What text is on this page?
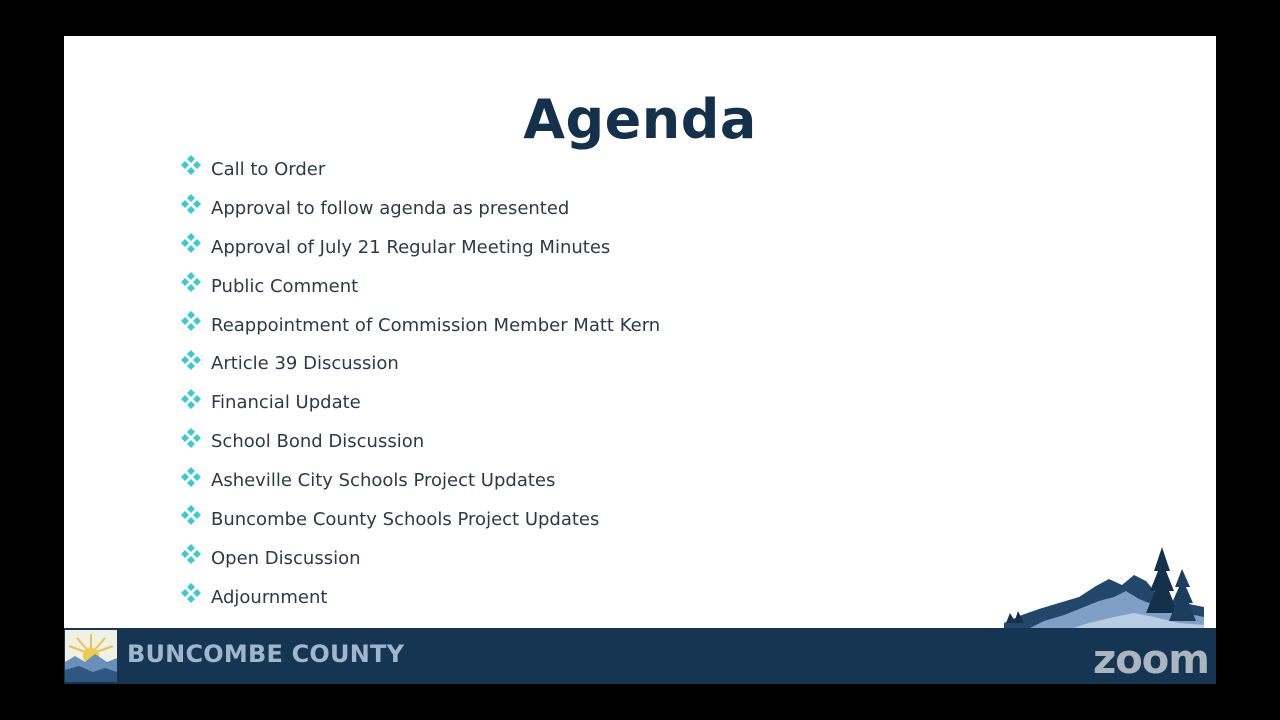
Agenda
Call to Order
Approval to follow agenda as presented
Approval of July 21 Regular Meeting Minutes
Public Comment
Reappointment of Commission Member Matt Kern
Article 39 Discussion
Financial Update
School Bond Discussion
Asheville City Schools Project Updates
Buncombe County Schools Project Updates
Open Discussion
Adjournment
BUNCOMBE COUNTY	zoom
